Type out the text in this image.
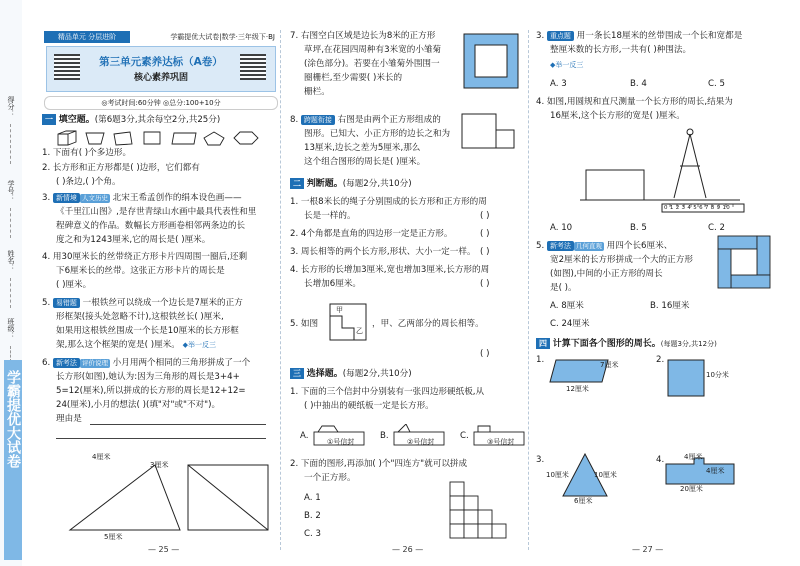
得分：
学号：
姓名：
班级：
学霸提优大试卷
精品单元 分层进阶	学霸提优大试卷|数学·三年级下·BJ
第三单元素养达标（A卷）
核心素养巩固
◎考试时间:60分钟 ◎总分:100+10分
一 填空题。(第6题3分,其余每空2分,共25分)
1. 下面有( )个多边形。
2. 长方形和正方形都是( )边形，它们都有
( )条边,( )个角。
3. 新情境 人文历史 北宋王希孟创作的绢本设色画——
《千里江山图》,是存世青绿山水画中最具代表性和里
程碑意义的作品。数幅长方形画卷相邻两条边的长
度之和为1243厘米,它的周长是( )厘米。
4. 用30厘米长的丝带绕正方形卡片四周围一圈后,还剩
下6厘米长的丝带。这张正方形卡片的周长是
( )厘米。
5. 易错题 一根铁丝可以绕成一个边长是7厘米的正方
形框架(接头处忽略不计),这根铁丝长( )厘米,
如果用这根铁丝围成一个长是10厘米的长方形框
架,那么这个框架的宽是( )厘米。 ◆举一反三
6. 新考法 评价说理 小月用两个相同的三角形拼成了一个
长方形(如图),她认为:因为三角形的周长是3+4+
5=12(厘米),所以拼成的长方形的周长是12+12=
24(厘米),小月的想法( )(填"对"或"不对")。
理由是
4厘米
3厘米
5厘米
— 25 —
7. 右图空白区域是边长为8米的正方形
草坪,在花园四周种有3米宽的小雏菊
(涂色部分)。若要在小雏菊外围围一
圈栅栏,至少需要( )米长的
栅栏。
8. 跨题衔接 右图是由两个正方形组成的
图形。已知大、小正方形的边长之和为
13厘米,边长之差为5厘米,那么
这个组合图形的周长是( )厘米。
二 判断题。(每题2分,共10分)
1. 一根8米长的绳子分别围成的长方形和正方形的周
长是一样的。	( )
2. 4个角都是直角的四边形一定是正方形。	( )
3. 周长相等的两个长方形,形状、大小一定一样。 ( )
4. 长方形的长增加3厘米,宽也增加3厘米,长方形的周
长增加6厘米。	( )
5. 如图
甲
乙
，甲、乙两部分的周长相等。
( )
三 选择题。(每题2分,共10分)
1. 下面的三个信封中分别装有一张四边形硬纸板,从
( )中抽出的硬纸板一定是长方形。
A.	B.	C.
①号信封	②号信封	③号信封
2. 下面的图形,再添加( )个"四连方"就可以拼成
一个正方形。
A. 1
B. 2
C. 3
— 26 —
3. 重点题 用一条长18厘米的丝带围成一个长和宽都是
整厘米数的长方形,一共有( )种围法。
◆举一反三
A. 3	B. 4	C. 5
4. 如图,用圆规和直尺测量一个长方形的周长,结果为
16厘米,这个长方形的宽是( )厘米。
0 1 2 3 4 5 6 7 8 9 10
A. 10	B. 5	C. 2
5. 新考法 几何直观 用四个长6厘米、
宽2厘米的长方形拼成一个大的正方形
(如图),中间的小正方形的周长
是( )。
A. 8厘米	B. 16厘米
C. 24厘米
四 计算下面各个图形的周长。(每题3分,共12分)
1.	7厘米
12厘米
2.
10分米
3.
10厘米	10厘米
6厘米
4.	4厘米
4厘米
20厘米
— 27 —
